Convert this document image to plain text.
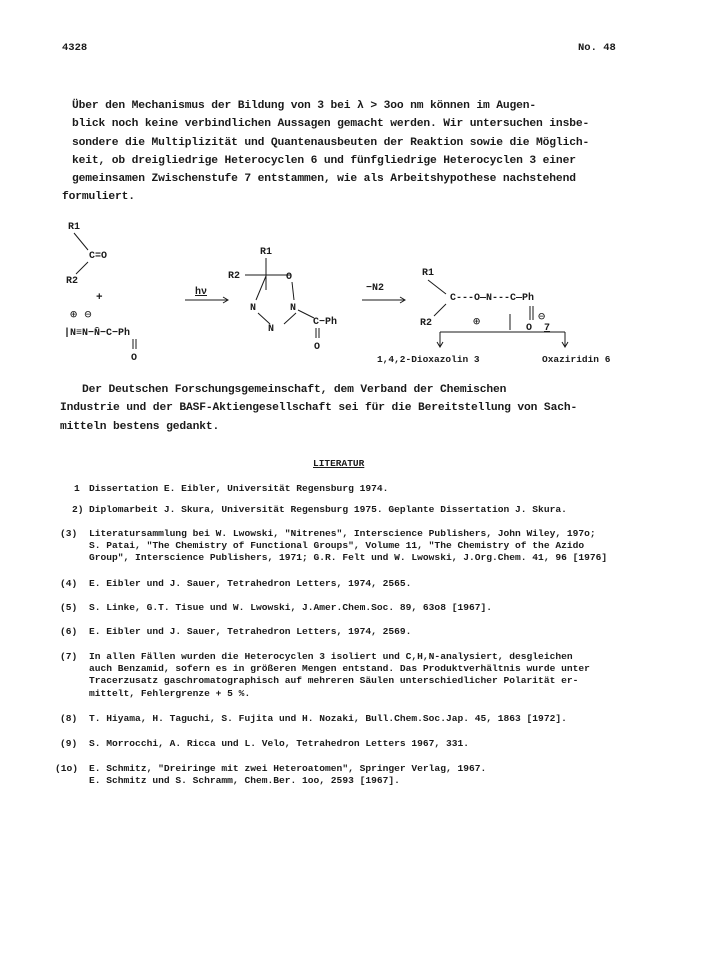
4328	No. 48
Über den Mechanismus der Bildung von 3 bei λ > 3oo nm können im Augen-
blick noch keine verbindlichen Aussagen gemacht werden. Wir untersuchen insbe-
sondere die Multiplizität und Quantenausbeuten der Reaktion sowie die Möglich-
keit, ob dreigliedrige Heterocyclen 6 und fünfgliedrige Heterocyclen 3 einer
gemeinsamen Zwischenstufe 7 entstammen, wie als Arbeitshypothese nachstehend
formuliert.
R1
C=O
R2
+
⊕ ⊖
|N≡N−N̄−C−Ph
O
hν
R1
R2	O
N	N
N
C−Ph
O
−N2
R1
C---O—N---C—Ph
R2	⊕	⊖
O 7
1,4,2-Dioxazolin 3	Oxaziridin 6
Der Deutschen Forschungsgemeinschaft, dem Verband der Chemischen
Industrie und der BASF-Aktiengesellschaft sei für die Bereitstellung von Sach-
mitteln bestens gedankt.
LITERATUR
1 Dissertation E. Eibler, Universität Regensburg 1974.
2) Diplomarbeit J. Skura, Universität Regensburg 1975. Geplante Dissertation J. Skura.
(3) Literatursammlung bei W. Lwowski, "Nitrenes", Interscience Publishers, John Wiley, 197o;
S. Patai, "The Chemistry of Functional Groups", Volume 11, "The Chemistry of the Azido
Group", Interscience Publishers, 1971; G.R. Felt und W. Lwowski, J.Org.Chem. 41, 96 [1976]
(4) E. Eibler und J. Sauer, Tetrahedron Letters, 1974, 2565.
(5) S. Linke, G.T. Tisue und W. Lwowski, J.Amer.Chem.Soc. 89, 63o8 [1967].
(6) E. Eibler und J. Sauer, Tetrahedron Letters, 1974, 2569.
(7) In allen Fällen wurden die Heterocyclen 3 isoliert und C,H,N-analysiert, desgleichen
auch Benzamid, sofern es in größeren Mengen entstand. Das Produktverhältnis wurde unter
Tracerzusatz gaschromatographisch auf mehreren Säulen unterschiedlicher Polarität er-
mittelt, Fehlergrenze + 5 %.
(8) T. Hiyama, H. Taguchi, S. Fujita und H. Nozaki, Bull.Chem.Soc.Jap. 45, 1863 [1972].
(9) S. Morrocchi, A. Ricca und L. Velo, Tetrahedron Letters 1967, 331.
(1o) E. Schmitz, "Dreiringe mit zwei Heteroatomen", Springer Verlag, 1967.
E. Schmitz und S. Schramm, Chem.Ber. 1oo, 2593 [1967].
